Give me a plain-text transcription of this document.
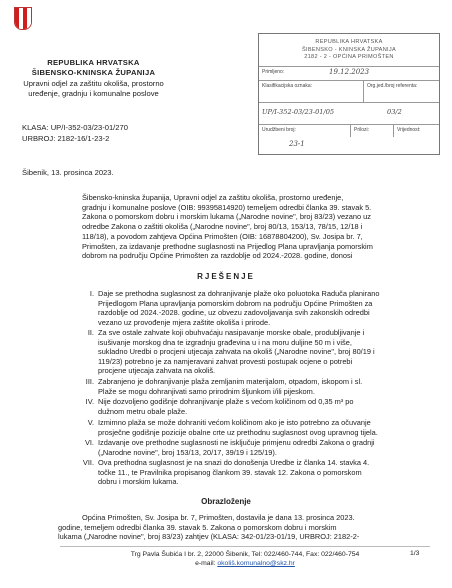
REPUBLIKA HRVATSKA
ŠIBENSKO-KNINSKA ŽUPANIJA
Upravni odjel za zaštitu okoliša, prostorno
uređenje, gradnju i komunalne poslove
KLASA: UP/I-352-03/23-01/270
URBROJ: 2182-16/1-23-2
Šibenik, 13. prosinca 2023.
REPUBLIKA HRVATSKA
ŠIBENSKO - KNINSKA ŽUPANIJA
2182 - 2 - OPĆINA PRIMOŠTEN
Primljeno:	19.12.2023
Klasifikacijska oznaka:	Org.jed./broj referenta:
UP/I-352-03/23-01/05	03/2
Urudžbeni broj:	Prilozi:	Vrijednost:
23-1
Šibensko-kninska županija, Upravni odjel za zaštitu okoliša, prostorno uređenje,
gradnju i komunalne poslove (OIB: 99395814920) temeljem odredbi članka 39. stavak 5.
Zakona o pomorskom dobru i morskim lukama („Narodne novine", broj 83/23) vezano uz
odredbe Zakona o zaštiti okoliša („Narodne novine", broj 80/13, 153/13, 78/15, 12/18 i
118/18), a povodom zahtjeva Općina Primošten (OIB: 16878804200), Sv. Josipa br. 7,
Primošten, za izdavanje prethodne suglasnosti na Prijedlog Plana upravljanja pomorskim
dobrom na području Općine Primošten za razdoblje od 2024.-2028. godine, donosi
RJEŠENJE
I. Daje se prethodna suglasnost za dohranjivanje plaže oko poluotoka Raduča planirano
Prijedlogom Plana upravljanja pomorskim dobrom na području Općine Primošten za
razdoblje od 2024.-2028. godine, uz obvezu zadovoljavanja svih zakonskih odredbi
vezano uz provođenje mjera zaštite okoliša i prirode.
II. Za sve ostale zahvate koji obuhvaćaju nasipavanje morske obale, produbljivanje i
isušivanje morskog dna te izgradnju građevina u i na moru duljine 50 m i više,
sukladno Uredbi o procjeni utjecaja zahvata na okoliš („Narodne novine", broj 80/19 i
119/23) potrebno je za namjeravani zahvat provesti postupak ocjene o potrebi
procjene utjecaja zahvata na okoliš.
III. Zabranjeno je dohranjivanje plaža zemljanim materijalom, otpadom, iskopom i sl.
Plaže se mogu dohranjivati samo prirodnim šljunkom i/ili pijeskom.
IV. Nije dozvoljeno godišnje dohranjivanje plaže s većom količinom od 0,35 m³ po
dužnom metru obale plaže.
V. Izmimno plaža se može dohraniti većom količinom ako je isto potrebno za očuvanje
prosječne godišnje pozicije obalne crte uz prethodnu suglasnost ovog upravnog tijela.
VI. Izdavanje ove prethodne suglasnosti ne isključuje primjenu odredbi Zakona o gradnji
(„Narodne novine", broj 153/13, 20/17, 39/19 i 125/19).
VII. Ova prethodna suglasnost je na snazi do donošenja Uredbe iz članka 14. stavka 4.
točke 11., te Pravilnika propisanog člankom 39. stavak 12. Zakona o pomorskom
dobru i morskim lukama.
Obrazloženje
Općina Primošten, Sv. Josipa br. 7, Primošten, dostavila je dana 13. prosinca 2023.
godine, temeljem odredbi članka 39. stavak 5. Zakona o pomorskom dobru i morskim
lukama („Narodne novine", broj 83/23) zahtjev (KLASA: 342-01/23-01/19, URBROJ: 2182-2-
Trg Pavla Šubića I br. 2, 22000 Šibenik, Tel: 022/460-744, Fax: 022/460-754
e-mail: okoliš.komunalno@skz.hr
1/3
